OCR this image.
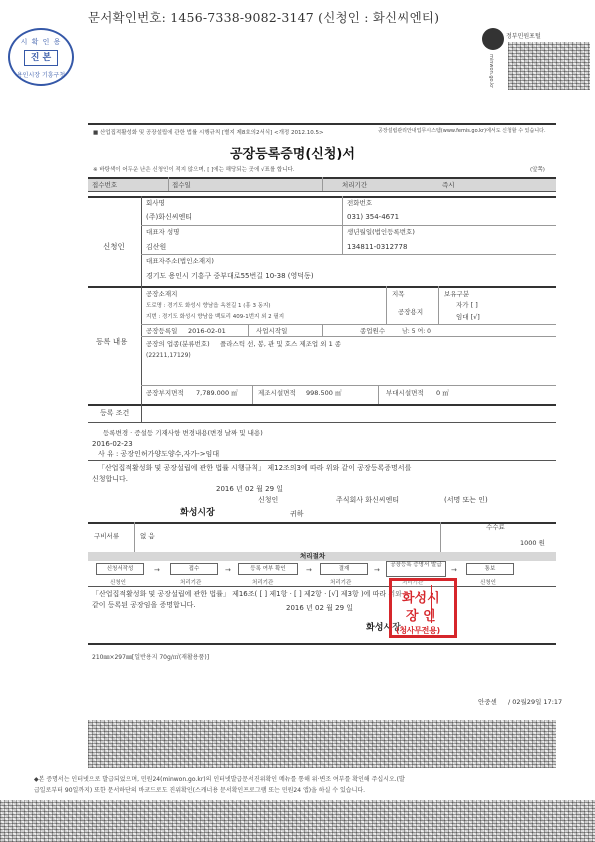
문서확인번호: 1456-7338-9082-3147 (신청인 : 화신씨엔티)
시 확 인 용
진 본
용인시장 기흥구청
정부민원포털
minwon.go.kr
■ 산업집적활성화 및 공장설립에 관한 법률 시행규칙 [별지 제8호의2서식] <개정 2012.10.5>	공장설립관리안내업무시스템(www.femis.go.kr)에서도 신청할 수 있습니다.
공장등록증명(신청)서
※ 바탕색이 어두운 난은 신청인이 적지 않으며, [ ]에는 해당되는 곳에 √표를 합니다.	(앞쪽)
접수번호	접수일	처리기간	즉시
신청인
회사명
(주)화신씨엔티
전화번호
031) 354-4671
대표자 성명
김산원
생년월일(법인등록번호)
134811-0312778
대표자주소(법인소재지)
경기도 용인시 기흥구 중부대로55번길 10-38 (영덕동)
등록 내용
공장소재지
도로명 : 경기도 화성시 향남읍 옥천길 1 (흥 3 동지)
지번 : 경기도 화성시 향남읍 백토리 409-1번지 외 2 필지
지목
공장용지
보유구분
자가 [ ]
임대 [√]
공장등록일 2016-02-01	사업시작일	종업원수	남: 5 여: 0
공장의 업종(분류번호) 플라스틱 선, 봉, 관 및 호스 제조업 외 1 종
(22211,17129)
공장부지면적 7,789.000 ㎡	제조시설면적 998.500 ㎡	부대시설면적 0 ㎡
등록 조건
등록변경 · 증설등 기재사항 변경내용(변경 날짜 및 내용)
2016-02-23
사 유 : 공장인허가양도양수,자가->임대
「산업집적활성화 및 공장설립에 관한 법률 시행규칙」 제12조의3에 따라 위와 같이 공장등록증명서를
신청합니다.
2016 년 02 월 29 일
신청인	주식회사 화신씨엔티	(서명 또는 인)
화성시장	귀하
구비서류	없 음
수수료
1000 원
처리절차
신청서작성	→	접수	→	등록 여부 확인	→	결재	→
공장등록 증명서 발급
→	통보
신청인	처리기관	처리기관	처리기관	처리기관	신청인
「산업집적활성화 및 공장설립에 관한 법률」 제16조( [ ] 제1항 · [ ] 제2항 · [√] 제3항 )에 따라 위와
같이 등록된 공장임을 증명합니다.	2016 년 02 월 29 일
화성시장
화성시
장 인
(청사무전용)
210㎜×297㎜[일반용지 70g/㎡(재활용품)]
안중센 / 02월29일 17:17
◆본 증명서는 인터넷으로 발급되었으며, 민원24(minwon.go.kr)의 인터넷발급문서진위확인 메뉴를 통해 위·변조 여부를 확인해 주십시오.(발
급일로부터 90일까지) 또한 문서하단의 바코드로도 진위확인(스캐너용 문서확인프로그램 또는 민원24 앱)을 하실 수 있습니다.
